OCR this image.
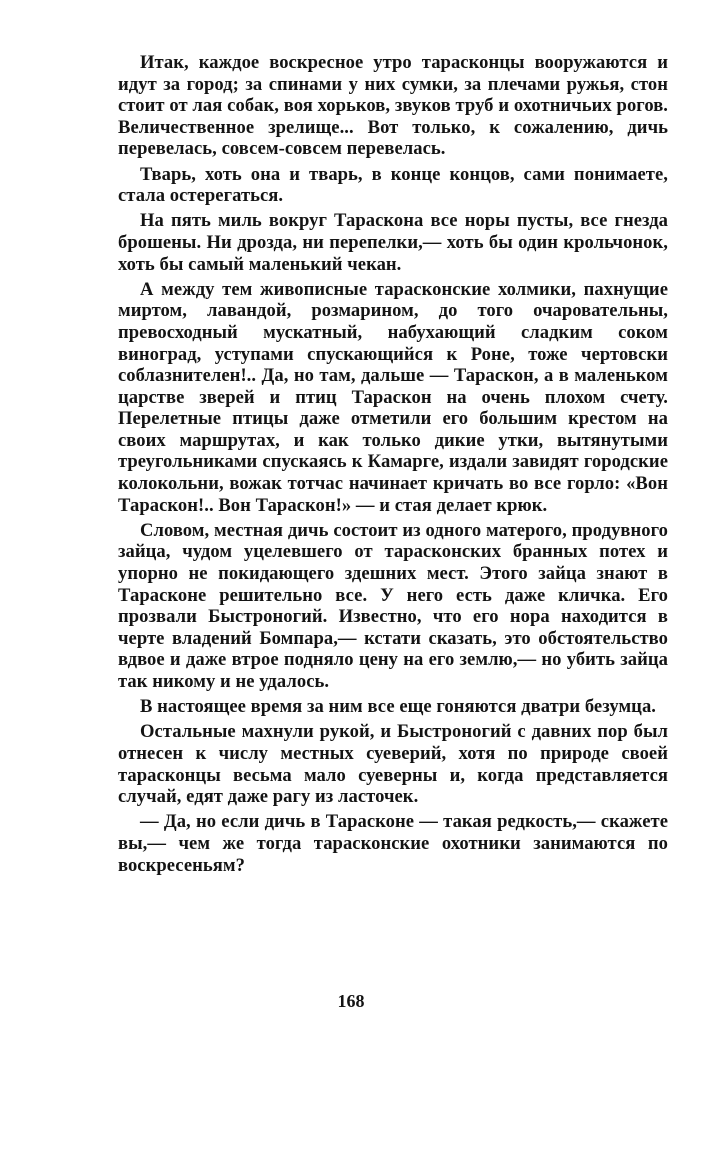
Итак, каждое воскресное утро тарасконцы вооружаются и идут за город; за спинами у них сумки, за плечами ружья, стон стоит от лая собак, воя хорьков, звуков труб и охотничьих рогов. Величественное зрелище... Вот только, к сожалению, дичь перевелась, совсем-совсем перевелась.

Тварь, хоть она и тварь, в конце концов, сами понимаете, стала остерегаться.

На пять миль вокруг Тараскона все норы пусты, все гнезда брошены. Ни дрозда, ни перепелки,— хоть бы один крольчонок, хоть бы самый маленький чекан.

А между тем живописные тарасконские холмики, пахнущие миртом, лавандой, розмарином, до того очаровательны, превосходный мускатный, набухающий сладким соком виноград, уступами спускающийся к Роне, тоже чертовски соблазнителен!.. Да, но там, дальше — Тараскон, а в маленьком царстве зверей и птиц Тараскон на очень плохом счету. Перелетные птицы даже отметили его большим крестом на своих маршрутах, и как только дикие утки, вытянутыми треугольниками спускаясь к Камарге, издали завидят городские колокольни, вожак тотчас начинает кричать во все горло: «Вон Тараскон!.. Вон Тараскон!» — и стая делает крюк.

Словом, местная дичь состоит из одного матерого, продувного зайца, чудом уцелевшего от тарасконских бранных потех и упорно не покидающего здешних мест. Этого зайца знают в Тарасконе решительно все. У него есть даже кличка. Его прозвали Быстроногий. Известно, что его нора находится в черте владений Бомпара,— кстати сказать, это обстоятельство вдвое и даже втрое подняло цену на его землю,— но убить зайца так никому и не удалось.

В настоящее время за ним все еще гоняются дватри безумца.

Остальные махнули рукой, и Быстроногий с давних пор был отнесен к числу местных суеверий, хотя по природе своей тарасконцы весьма мало суеверны и, когда представляется случай, едят даже рагу из ласточек.

— Да, но если дичь в Тарасконе — такая редкость,— скажете вы,— чем же тогда тарасконские охотники занимаются по воскресеньям?

168
